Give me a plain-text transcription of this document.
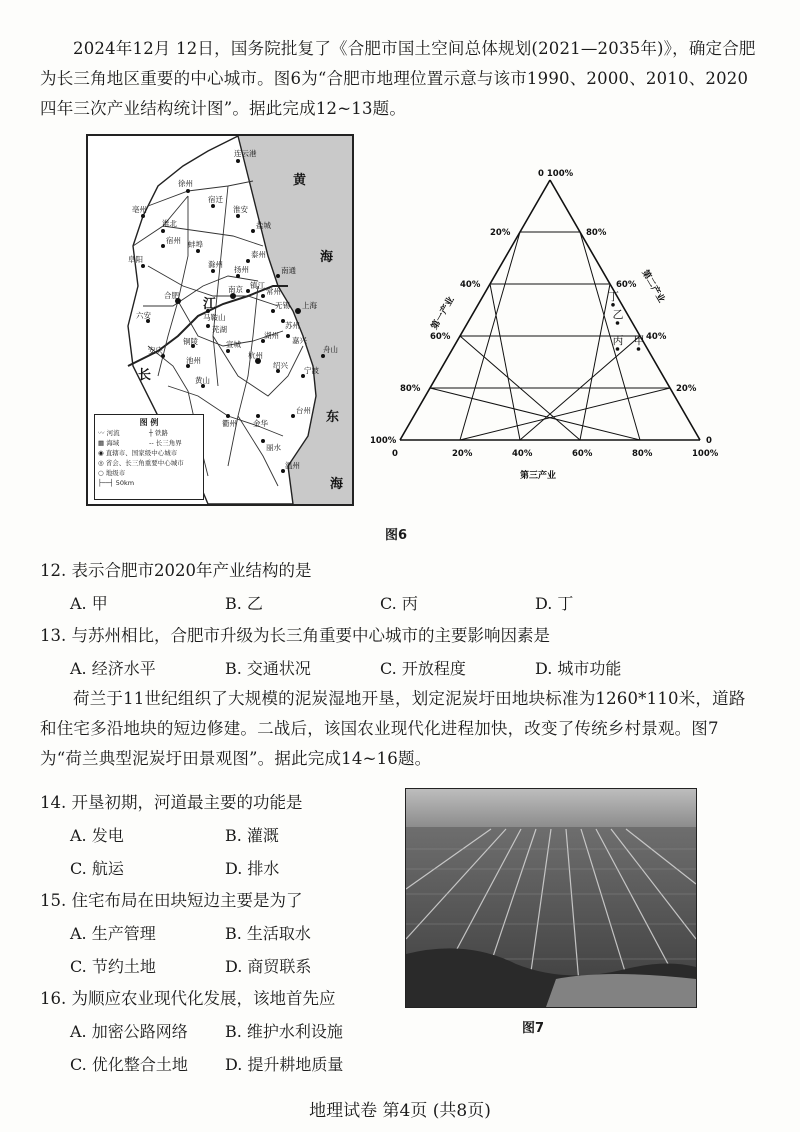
2024年12月 12日，国务院批复了《合肥市国土空间总体规划(2021—2035年)》，确定合肥为长三角地区重要的中心城市。图6为“合肥市地理位置示意与该市1990、2000、2010、2020四年三次产业结构统计图”。据此完成12~13题。

连云港
徐州
宿迁
淮安
盐城
亳州
淮北
蚌埠
阜阳
滁州
泰州
扬州	南通
合肥
镇江
常州
南京
无锡 上海
苏州
马鞍山
六安
芜湖
湖州
嘉兴
铜陵
安庆
宣城
杭州
池州
黄山
绍兴
宁波
衢州 金华
舟山
台州
丽水
温州
宿州
黄
海
东
海
长
江
图 例
〰 河流	┼ 铁路
▦ 海域	-- 长三角界
◉ 直辖市、国家级中心城市
◎ 省会、长三角重要中心城市
○ 地级市
├──┤ 50km
0 100%
20%
40%
60%
80%
100%
80%
60%
40%
20%
0
0	20%	40%	60%	80%	100%
第一产业
第二产业
第三产业
丙
乙
丁
甲
图6
12. 表示合肥市2020年产业结构的是
A. 甲	B. 乙	C. 丙	D. 丁
13. 与苏州相比，合肥市升级为长三角重要中心城市的主要影响因素是
A. 经济水平	B. 交通状况	C. 开放程度	D. 城市功能

荷兰于11世纪组织了大规模的泥炭湿地开垦，划定泥炭圩田地块标准为1260*110米，道路和住宅多沿地块的短边修建。二战后，该国农业现代化进程加快，改变了传统乡村景观。图7为“荷兰典型泥炭圩田景观图”。据此完成14~16题。

14. 开垦初期，河道最主要的功能是
A. 发电	B. 灌溉
C. 航运	D. 排水
15. 住宅布局在田块短边主要是为了
A. 生产管理	B. 生活取水
C. 节约土地	D. 商贸联系
16. 为顺应农业现代化发展，该地首先应
A. 加密公路网络 B. 维护水利设施
C. 优化整合土地 D. 提升耕地质量
图7
地理试卷 第4页 (共8页)
